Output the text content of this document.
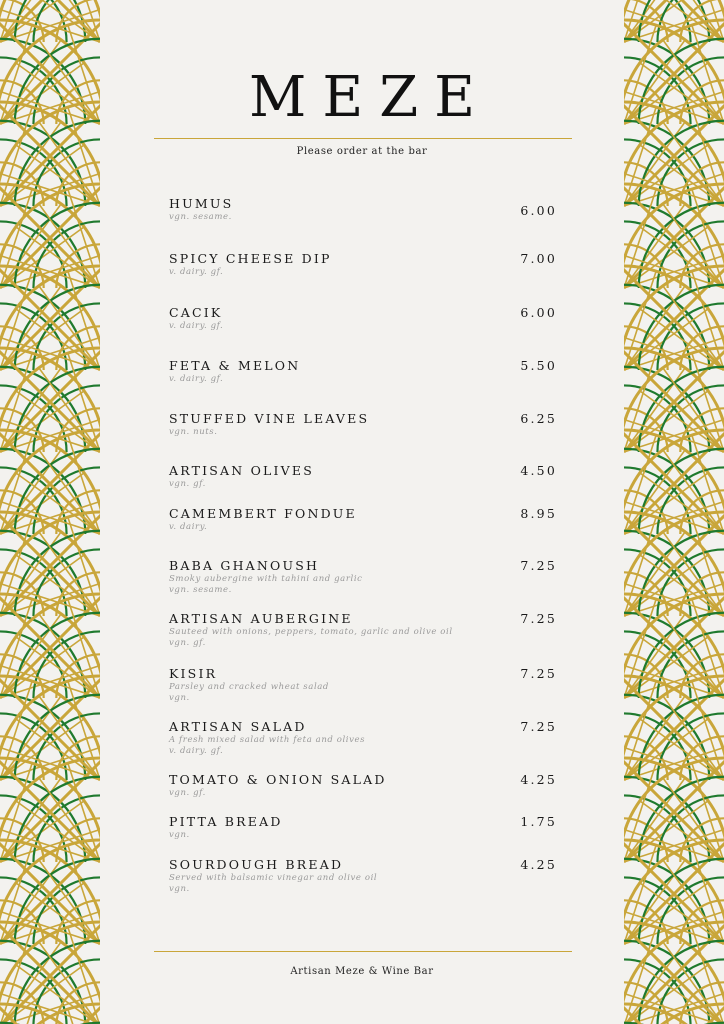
MEZE
Please order at the bar
HUMUS
vgn. sesame.	6.00
SPICY CHEESE DIP
v. dairy. gf.
7.00
CACIK
v. dairy. gf.
6.00
FETA & MELON
v. dairy. gf.
5.50
STUFFED VINE LEAVES
vgn. nuts.
6.25
ARTISAN OLIVES
vgn. gf.
4.50
CAMEMBERT FONDUE
v. dairy.
8.95
BABA GHANOUSH
Smoky aubergine with tahini and garlic
vgn. sesame.
7.25
ARTISAN AUBERGINE
Sauteed with onions, peppers, tomato, garlic and olive oil
vgn. gf.
7.25
KISIR
Parsley and cracked wheat salad
vgn.
7.25
ARTISAN SALAD
A fresh mixed salad with feta and olives
v. dairy. gf.
7.25
TOMATO & ONION SALAD
vgn. gf.
4.25
PITTA BREAD
vgn.
1.75
SOURDOUGH BREAD
Served with balsamic vinegar and olive oil
vgn.
4.25
Artisan Meze & Wine Bar
